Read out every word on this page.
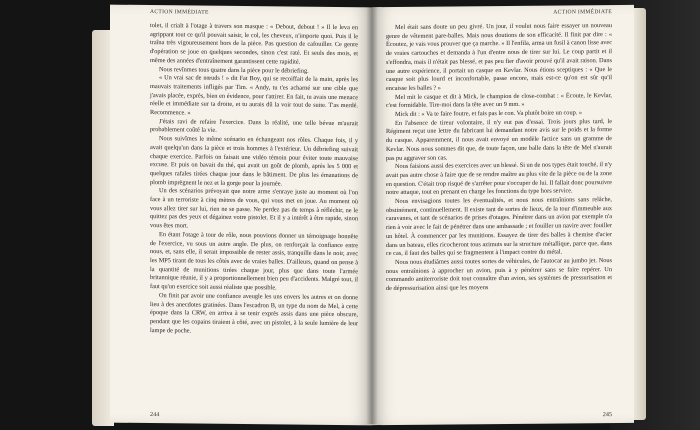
ACTION IMMÉDIATE

tolet, il crialt à l'otage à travers son masque : « Debout, debout ! » Il le leva en agrippant tout ce qu'il pouvait saisir, le col, les cheveux, n'importe quoi. Puis il le traîna très vigoureusement hors de la pièce. Pas question de cafouiller. Ce genre d'opération se joue en quelques secondes, sinon c'est raté. Et seuls des mois, et même des années d'entraînement garantissent cette rapidité.

Nous revînmes tous quatre dans la pièce pour le débriefing.

« Un vrai sac de nœuds ! » dit Fat Boy, qui se recoiffait de la main, après les mauvais traitements infligés par Tim. « Andy, tu t'es acharné sur une cible que j'avais placée, exprès, bien en évidence, pour t'attirer. En fait, tu avais une menace réelle et immédiate sur ta droite, et tu aurais dû la voir tout de suite. T'as merdé. Recommence. »

J'étais ravi de refaire l'exercice. Dans la réalité, une telle bévue m'aurait probablement coûté la vie.

Nous suivîmes le même scénario en échangeant nos rôles. Chaque fois, il y avait quelqu'un dans la pièce et trois hommes à l'extérieur. Un débriefing suivait chaque exercice. Parfois on faisait une vidéo témoin pour éviter toute mauvaise excuse. Et puis on bavait du thé, qui avait un goût de plomb, après les 5 000 et quelques rafales tirées chaque jour dans le bâtiment. De plus les émanations de plomb imprègnent le nez et la gorge pour la journée.

Un des scénarios prévoyait que notre arme s'enraye juste au moment où l'on face à un terroriste à cinq mètres de vous, qui vous met en joue. Au moment où vous allez tirer sur lui, rien ne se passe. Ne perdez pas de temps à réfléchir, ne le quittez pas des yeux et dégainez votre pistolet. Et il y a intérêt à être rapide, sinon vous êtes mort.

En étant l'otage à tour de rôle, nous pouvions donner un témoignage honnête de l'exercice, vu sous un autre angle. De plus, on renforçait la confiance entre nous, et, sans elle, il serait impossible de rester assis, tranquille dans le noir, avec les MP5 tirant de tous les côtés avec de vraies balles. D'ailleurs, quand on pense à la quantité de munitions tirées chaque jour, plus que dans toute l'armée britannique réunie, il y a proportionnellement bien peu d'accidents. Malgré tout, il faut qu'un exercice soit aussi réaliste que possible.

On finit par avoir une confiance aveugle les uns envers les autres et on donne lieu à des anecdotes gratinées. Dans l'escadron B, un type du nom de Mel, à cette époque dans la CRW, en arriva à se tenir exprès assis dans une pièce obscure, pendant que les copains tiraient à côté, avec un pistolet, à la seule lumière de leur lampe de poche.

244
ACTION IMMÉDIATE

Mel était sans doute un peu givré. Un jour, il voulut nous faire essayer un nouveau genre de vêtement pare-balles. Mais nous doutions de son efficacité. Il finit par dire : « Écoutez, je vais vous prouver que ça marche. » Il l'enfila, arma un fusil à canon lisse avec de vraies cartouches et demanda à l'un d'entre nous de tirer sur lui. Le coup partit et il s'effondra, mais il n'était pas blessé, et pas peu fier d'avoir prouvé qu'il avait raison. Dans une autre expérience, il portait un casque en Kevlar. Nous étions sceptiques : « Que le casque soit plus lourd et inconfortable, passe encore, mais est-ce qu'on est sûr qu'il encaisse les balles ? »

Mel mit le casque et dit à Mick, le champion de close-combat : « Écoute, le Kevlar, c'est formidable. Tire-moi dans la tête avec un 9 mm. »

Mick dit : « Va te faire foutre, et fais pas le con. Va plutôt boire un coup. »

En l'absence de tireur volontaire, il n'y eut pas d'essai. Trois jours plus tard, le Régiment reçut une lettre du fabricant lui demandant notre avis sur le poids et la forme du casque. Apparemment, il nous avait envoyé un modèle factice sans un gramme de Kevlar. Nous nous sommes dit que, de toute façon, une balle dans la tête de Mel n'aurait pas pu aggraver son cas.

Nous faisions aussi des exercices avec un blessé. Si un de nos types était touché, il n'y avait pas autre chose à faire que de se rendre maître au plus vite de la pièce ou de la zone en question. C'était trop risqué de s'arrêter pour s'occuper de lui. Il fallait donc poursuivre notre attaque, tout en prenant en charge les fonctions du type hors service.

Nous envisagions toutes les éventualités, et nous nous entraînions sans relâche, obstinément, continuellement. Il existe tant de sortes de lieux, de la tour d'immeuble aux caravanes, et tant de scénarios de prises d'otages. Pénétrer dans un avion par exemple n'a rien à voir avec le fait de pénétrer dans une ambassade ; et fouiller un navire avec fouiller un hôtel. À commencer par les munitions. Essayez de tirer des balles à chemise d'acier dans un bateau, elles ricocheront tous azimuts sur la structure métallique, parce que, dans ce cas, il faut des balles qui se fragmentent à l'impact contre du métal.

Nous nous étudiâmes aussi toutes sortes de véhicules, de l'autocar au jumbo jet. Nous nous entraînions à approcher un avion, puis à y pénétrer sans se faire repérer. Un commando antiterroriste doit tout connaître d'un avion, ses systèmes de pressurisation et de dépressurisation ainsi que les moyens

245
